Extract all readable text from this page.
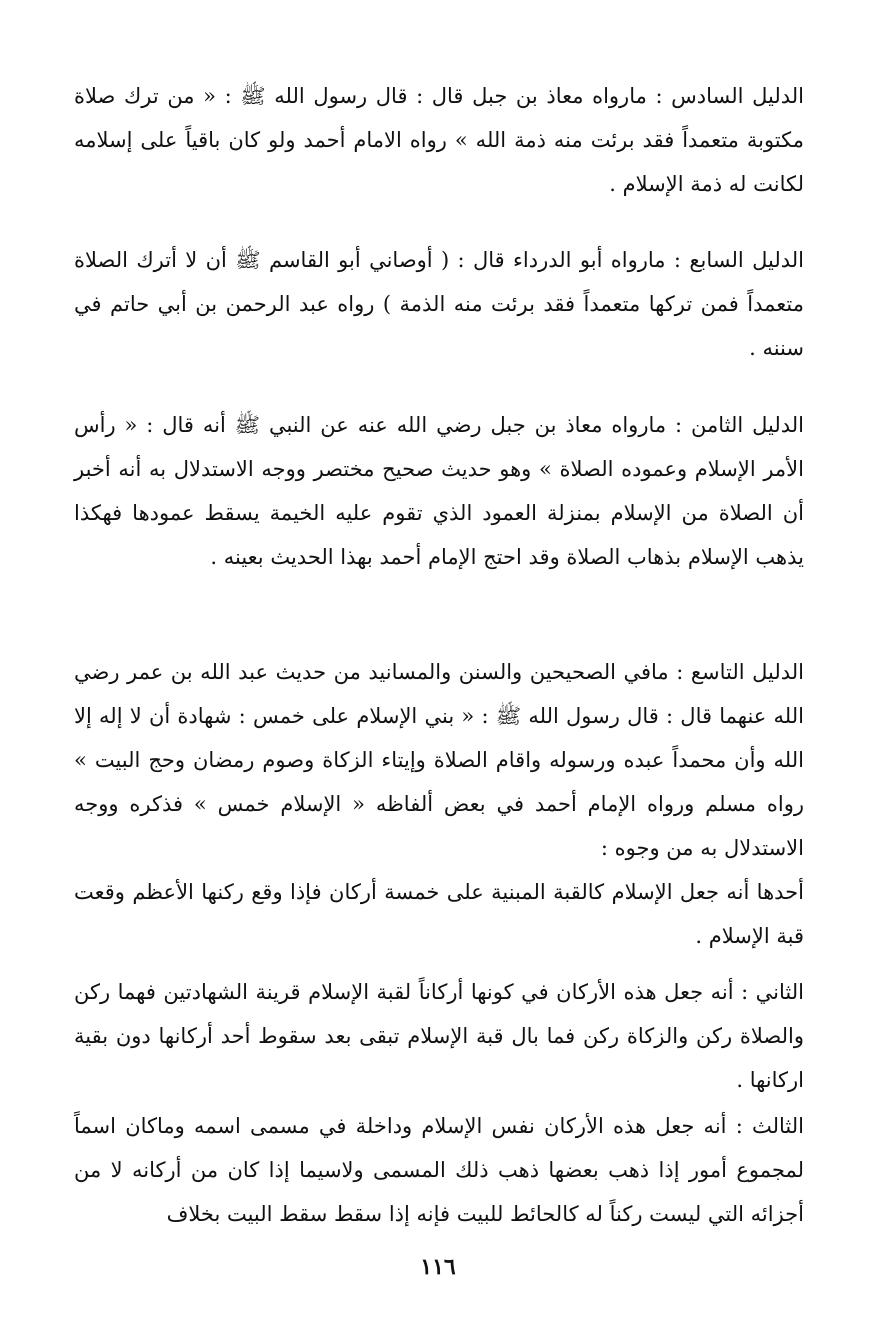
الدليل السادس : مارواه معاذ بن جبل قال : قال رسول الله ﷺ : « من ترك صلاة مكتوبة متعمداً فقد برئت منه ذمة الله » رواه الامام أحمد ولو كان باقياً على إسلامه لكانت له ذمة الإسلام .

الدليل السابع : مارواه أبو الدرداء قال : ( أوصاني أبو القاسم ﷺ أن لا أترك الصلاة متعمداً فمن تركها متعمداً فقد برئت منه الذمة ) رواه عبد الرحمن بن أبي حاتم في سننه .

الدليل الثامن : مارواه معاذ بن جبل رضي الله عنه عن النبي ﷺ أنه قال : « رأس الأمر الإسلام وعموده الصلاة » وهو حديث صحيح مختصر ووجه الاستدلال به أنه أخبر أن الصلاة من الإسلام بمنزلة العمود الذي تقوم عليه الخيمة يسقط عمودها فهكذا يذهب الإسلام بذهاب الصلاة وقد احتج الإمام أحمد بهذا الحديث بعينه .

الدليل التاسع : مافي الصحيحين والسنن والمسانيد من حديث عبد الله بن عمر رضي الله عنهما قال : قال رسول الله ﷺ : « بني الإسلام على خمس : شهادة أن لا إله إلا الله وأن محمداً عبده ورسوله واقام الصلاة وإيتاء الزكاة وصوم رمضان وحج البيت » رواه مسلم ورواه الإمام أحمد في بعض ألفاظه « الإسلام خمس » فذكره ووجه الاستدلال به من وجوه :

أحدها أنه جعل الإسلام كالقبة المبنية على خمسة أركان فإذا وقع ركنها الأعظم وقعت قبة الإسلام .

الثاني : أنه جعل هذه الأركان في كونها أركاناً لقبة الإسلام قرينة الشهادتين فهما ركن والصلاة ركن والزكاة ركن فما بال قبة الإسلام تبقى بعد سقوط أحد أركانها دون بقية اركانها .

الثالث : أنه جعل هذه الأركان نفس الإسلام وداخلة في مسمى اسمه وماكان اسماً لمجموع أمور إذا ذهب بعضها ذهب ذلك المسمى ولاسيما إذا كان من أركانه لا من أجزائه التي ليست ركناً له كالحائط للبيت فإنه إذا سقط سقط البيت بخلاف

١١٦
